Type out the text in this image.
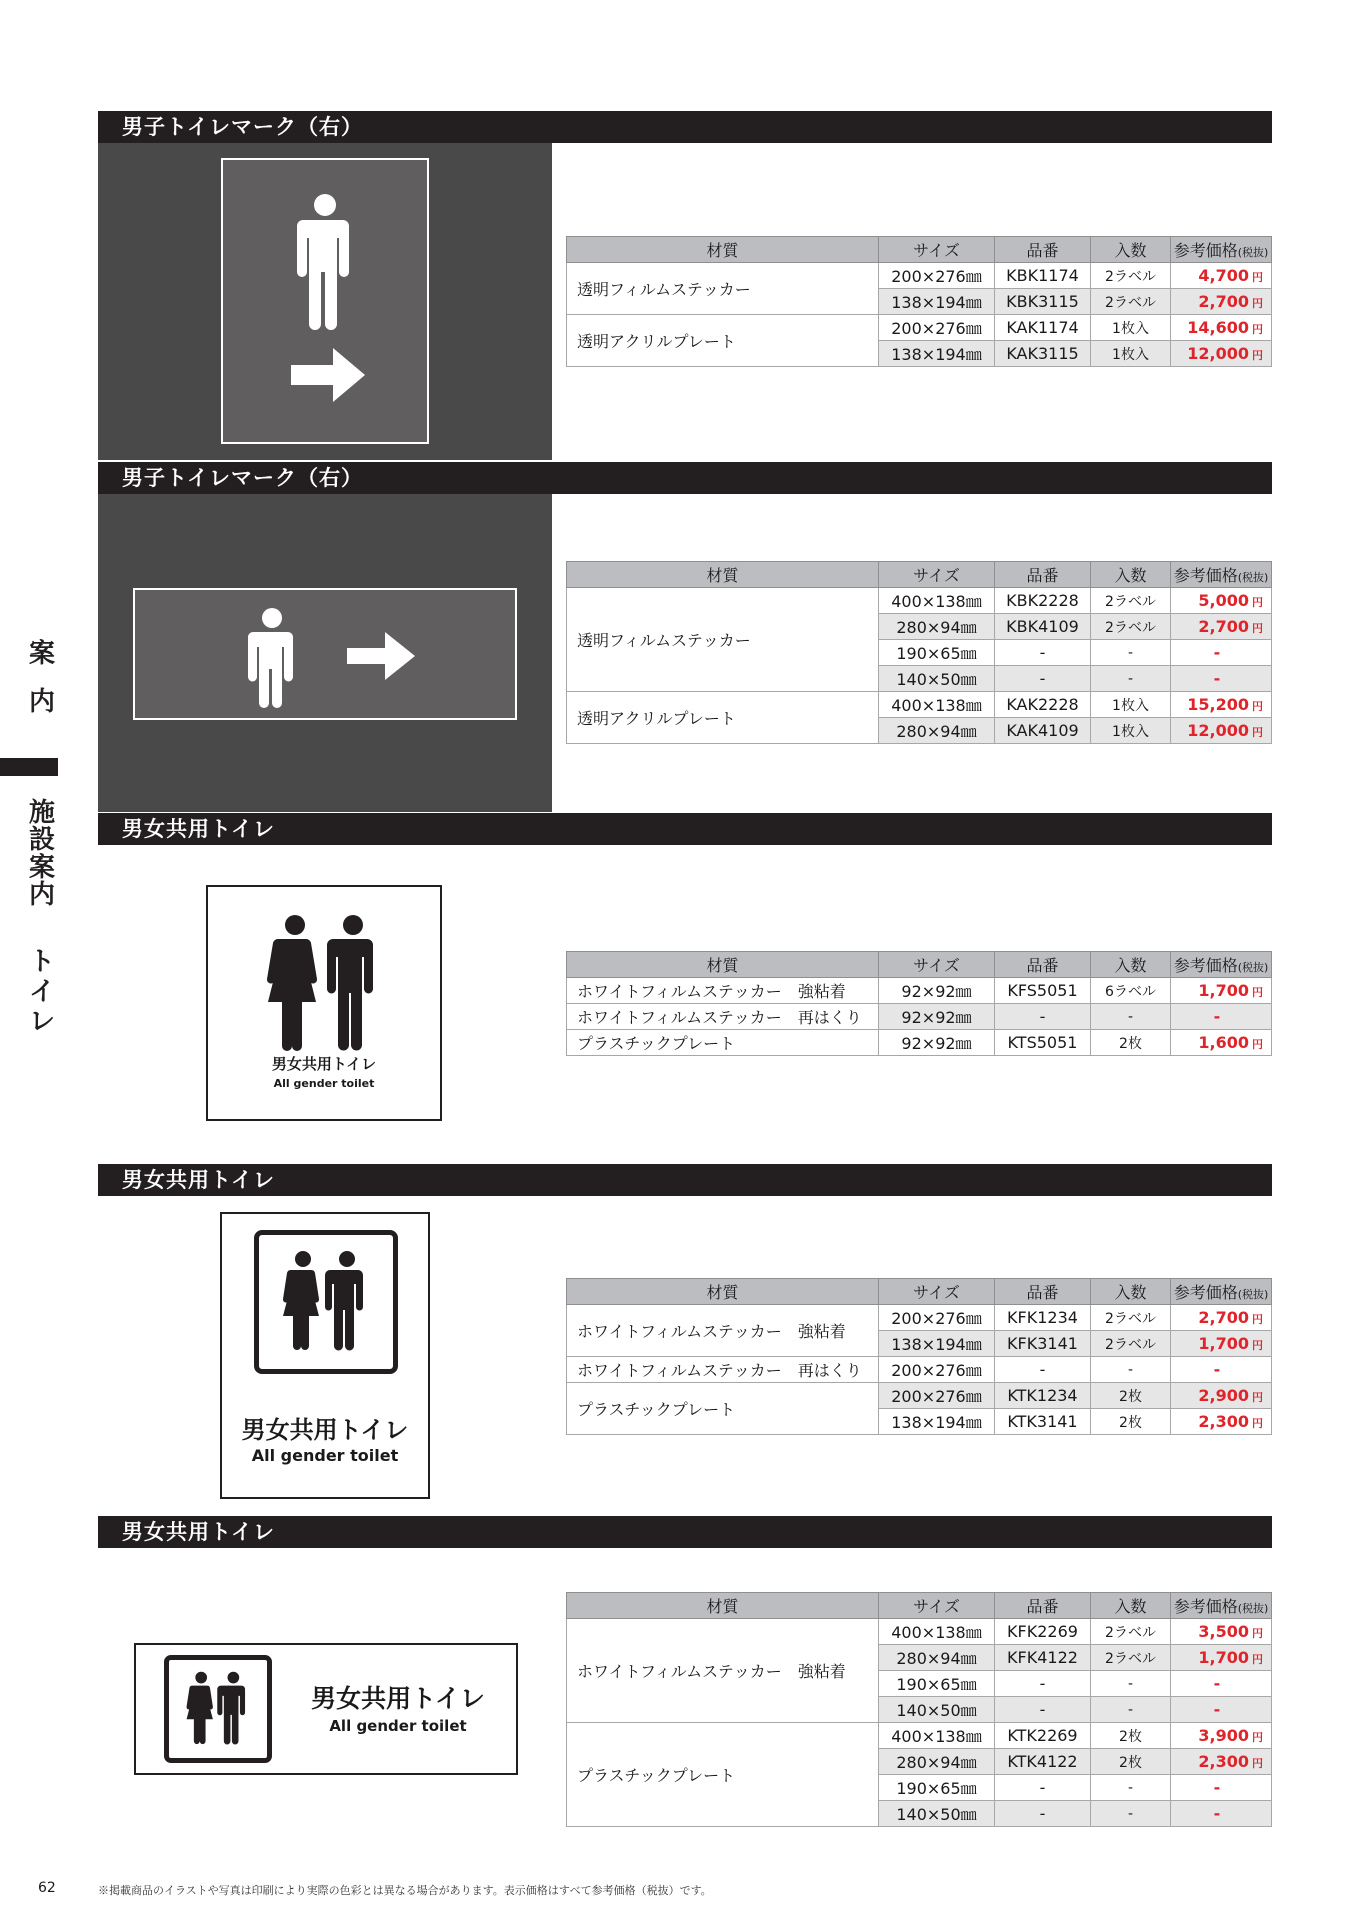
案
内
施
設
案
内
ト
イ
レ
男子トイレマーク（右）
材質	サイズ	品番	入数	参考価格(税抜)
透明フィルムステッカー	200×276㎜	KBK1174	2ラベル	4,700 円
	138×194㎜	KBK3115	2ラベル	2,700 円
透明アクリルプレート	200×276㎜	KAK1174	1枚入	14,600 円
	138×194㎜	KAK3115	1枚入	12,000 円
男子トイレマーク（右）
材質	サイズ	品番	入数	参考価格(税抜)
透明フィルムステッカー	400×138㎜	KBK2228	2ラベル	5,000 円
	280×94㎜	KBK4109	2ラベル	2,700 円
	190×65㎜	-	-	-
	140×50㎜	-	-	-
透明アクリルプレート	400×138㎜	KAK2228	1枚入	15,200 円
	280×94㎜	KAK4109	1枚入	12,000 円
男女共用トイレ
男女共用トイレ
All gender toilet
材質	サイズ	品番	入数	参考価格(税抜)
ホワイトフィルムステッカー　強粘着	92×92㎜	KFS5051	6ラベル	1,700 円
ホワイトフィルムステッカー　再はくり	92×92㎜	-	-	-
プラスチックプレート	92×92㎜	KTS5051	2枚	1,600 円
男女共用トイレ
男女共用トイレ
All gender toilet
材質	サイズ	品番	入数	参考価格(税抜)
ホワイトフィルムステッカー　強粘着	200×276㎜	KFK1234	2ラベル	2,700 円
	138×194㎜	KFK3141	2ラベル	1,700 円
ホワイトフィルムステッカー　再はくり	200×276㎜	-	-	-
プラスチックプレート	200×276㎜	KTK1234	2枚	2,900 円
	138×194㎜	KTK3141	2枚	2,300 円
男女共用トイレ
男女共用トイレ
All gender toilet
材質	サイズ	品番	入数	参考価格(税抜)
ホワイトフィルムステッカー　強粘着	400×138㎜	KFK2269	2ラベル	3,500 円
	280×94㎜	KFK4122	2ラベル	1,700 円
	190×65㎜	-	-	-
	140×50㎜	-	-	-
プラスチックプレート	400×138㎜	KTK2269	2枚	3,900 円
	280×94㎜	KTK4122	2枚	2,300 円
	190×65㎜	-	-	-
	140×50㎜	-	-	-
62	※掲載商品のイラストや写真は印刷により実際の色彩とは異なる場合があります。表示価格はすべて参考価格（税抜）です。
